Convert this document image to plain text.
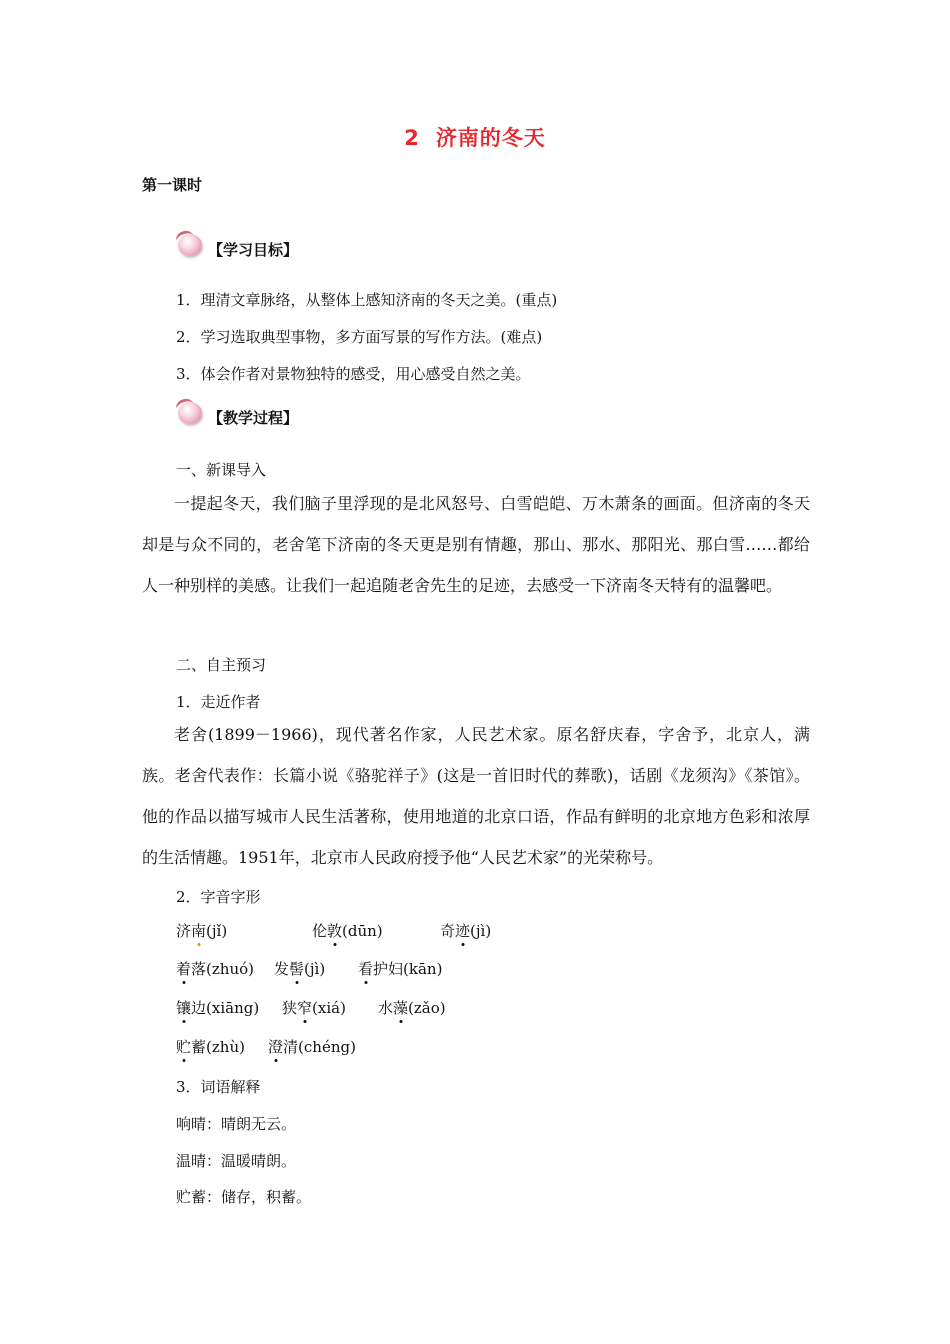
2 济南的冬天
第一课时
【学习目标】
1．理清文章脉络，从整体上感知济南的冬天之美。(重点)
2．学习选取典型事物，多方面写景的写作方法。(难点)
3．体会作者对景物独特的感受，用心感受自然之美。
【教学过程】
一、新课导入
一提起冬天，我们脑子里浮现的是北风怒号、白雪皑皑、万木萧条的画面。但济南的冬天却是与众不同的，老舍笔下济南的冬天更是别有情趣，那山、那水、那阳光、那白雪……都给人一种别样的美感。让我们一起追随老舍先生的足迹，去感受一下济南冬天特有的温馨吧。
二、自主预习
1．走近作者
老舍(1899－1966)，现代著名作家，人民艺术家。原名舒庆春，字舍予，北京人，满族。老舍代表作：长篇小说《骆驼祥子》(这是一首旧时代的葬歌)，话剧《龙须沟》《茶馆》。他的作品以描写城市人民生活著称，使用地道的北京口语，作品有鲜明的北京地方色彩和浓厚的生活情趣。1951年，北京市人民政府授予他“人民艺术家”的光荣称号。
2．字音字形
济南(jǐ)	伦敦(dūn)	奇迹(jì)
着落(zhuó) 发髻(jì) 看护妇(kān)
镶边(xiāng) 狭窄(xiá) 水藻(zǎo)
贮蓄(zhù) 澄清(chéng)
3．词语解释
响晴：晴朗无云。
温晴：温暖晴朗。
贮蓄：储存，积蓄。
